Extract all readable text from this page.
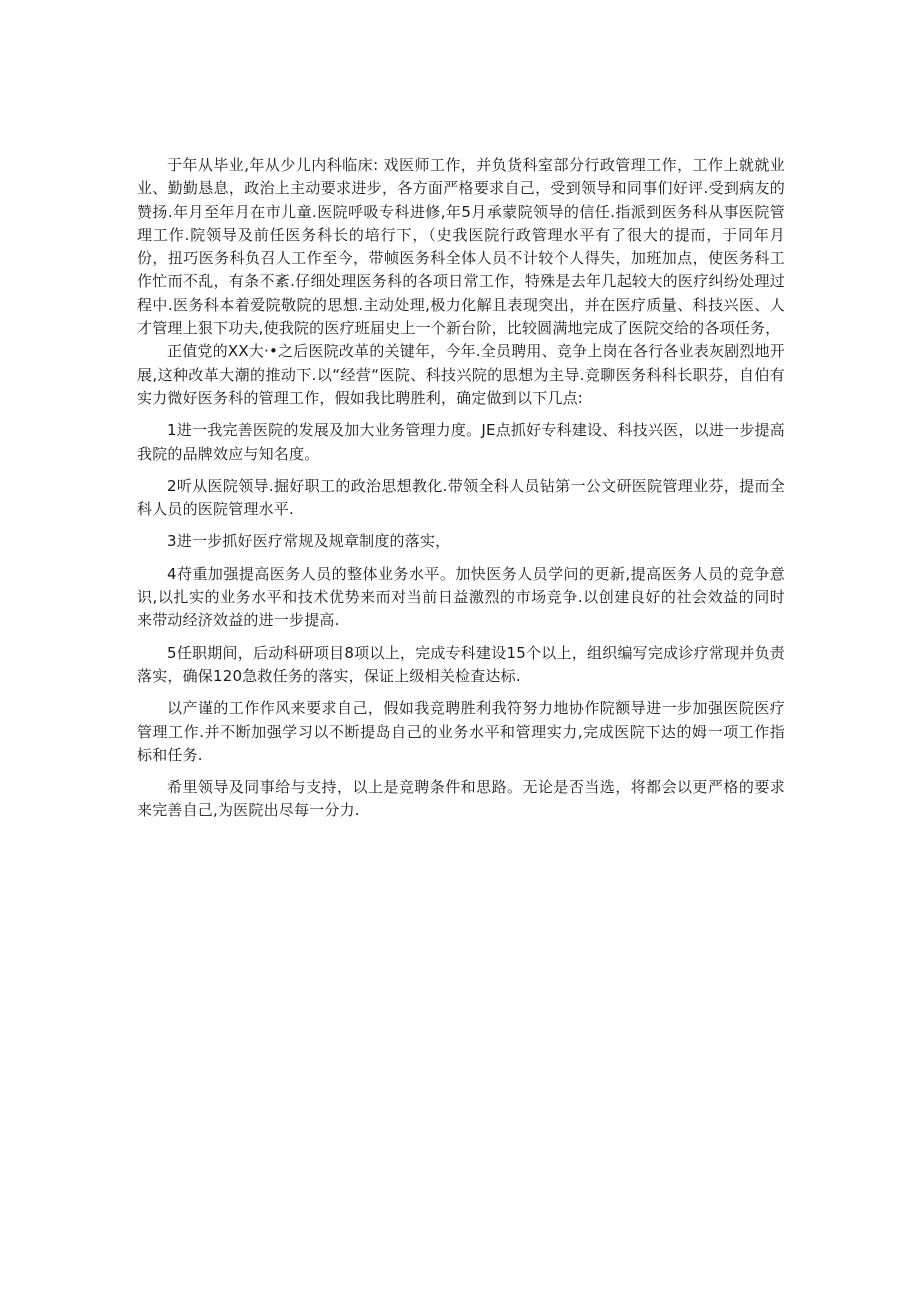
于年从毕业,年从少儿内科临床: 戏医师工作，并负货科室部分行政管理工作，工作上就就业业、勤勤恳息，政治上主动要求进步，各方面严格要求自己，受到领导和同事们好评.受到病友的赞扬.年月至年月在市儿童.医院呼吸专科进修,年5月承蒙院领导的信任.指派到医务科从事医院管理工作.院领导及前任医务科长的培行下，（史我医院行政管理水平有了很大的提而，于同年月份，扭巧医务科负召人工作至今，带帧医务科全体人员不计较个人得失，加班加点，使医务科工作忙而不乱，有条不紊.仔细处理医务科的各项日常工作，特殊是去年几起较大的医疗纠纷处理过程中.医务科本着爱院敬院的思想.主动处理,极力化解且表现突出，并在医疗质量、科技兴医、人才管理上狠下功夫,使我院的医疗班届史上一个新台阶，比较圆满地完成了医院交给的各项任务，

正值党的XX大·•之后医院改革的关键年，今年.全员聘用、竞争上岗在各行各业表灰剧烈地开展,这种改革大潮的推动下.以“经营“医院、科技兴院的思想为主导.竞聊医务科科长职芬，自伯有实力微好医务科的管理工作，假如我比聘胜利，确定做到以下几点:

1进一我完善医院的发展及加大业务管理力度。JE点抓好专科建设、科技兴医，以进一步提高我院的品牌效应与知名度。

2听从医院领导.掘好职工的政治思想教化.带领全科人员钻第一公文研医院管理业芬，提而全科人员的医院管理水平.

3进一步抓好医疗常规及规章制度的落实，

4苻重加强提高医务人员的整体业务水平。加快医务人员学问的更新,提高医务人员的竞争意识,以扎实的业务水平和技术优势来而对当前日益激烈的市场竞争.以创建良好的社会效益的同时来带动经济效益的进一步提高.

5任职期间，后动科研项目8项以上，完成专科建设15个以上，组织编写完成诊疗常现并负责落实，确保120急救任务的落实，保证上级相关检査达标.

以产谨的工作作风来要求自己，假如我竞聘胜利我符努力地协作院额导进一步加强医院医疗管理工作.并不断加强学习以不断提岛自己的业务水平和管理实力,完成医院下达的姆一项工作指标和任务.

希里领导及同事给与支持，以上是竞聘条件和思路。无论是否当选，将都会以更严格的要求来完善自己,为医院出尽每一分力.
